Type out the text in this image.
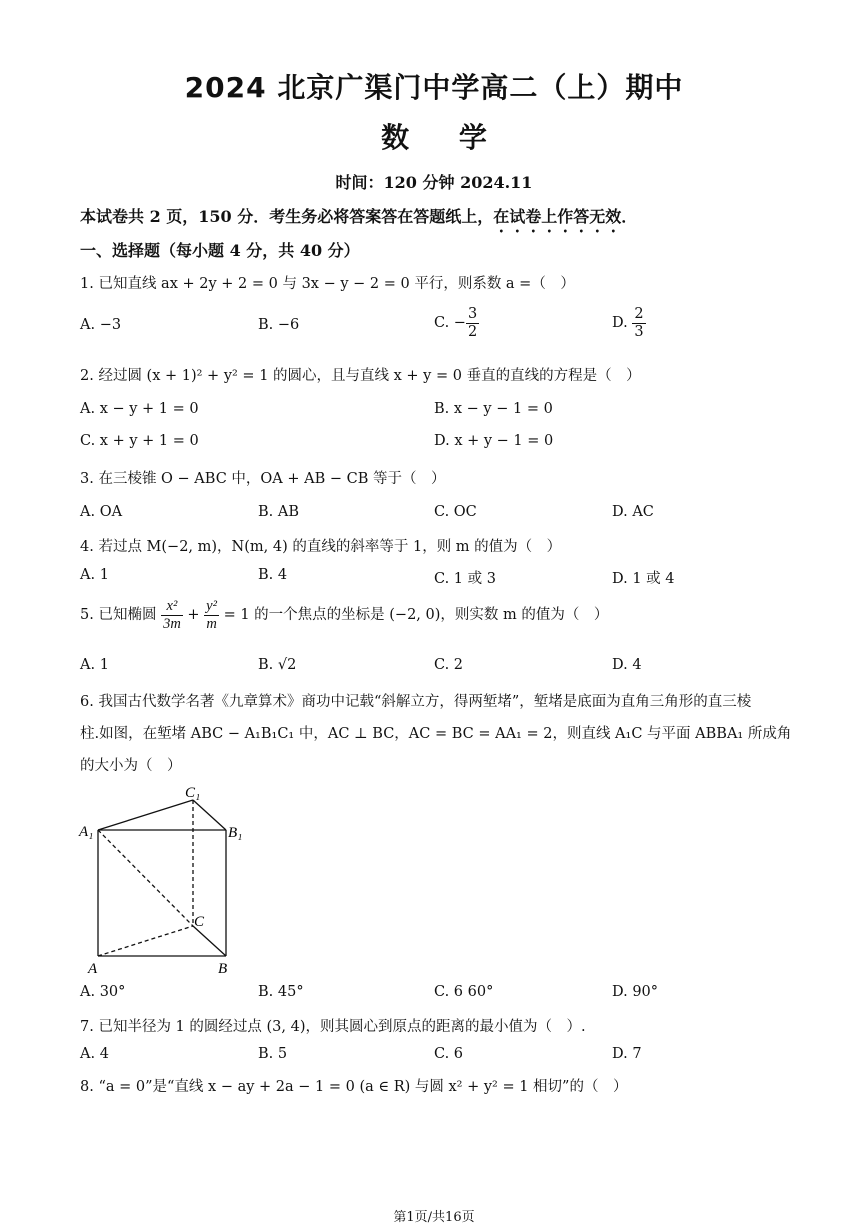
2024 北京广渠门中学高二（上）期中
数 学
时间：120 分钟 2024.11
本试卷共 2 页，150 分．考生务必将答案答在答题纸上，在试卷上作答无效．
一、选择题（每小题 4 分，共 40 分）
1. 已知直线 ax + 2y + 2 = 0 与 3x − y − 2 = 0 平行，则系数 a =（　）
A. −3	B. −6	C. − $\frac{3}{2}$	D. $\frac{2}{3}$
2. 经过圆 (x + 1)² + y² = 1 的圆心，且与直线 x + y = 0 垂直的直线的方程是（　）
A. x − y + 1 = 0	B. x − y − 1 = 0
C. x + y + 1 = 0	D. x + y − 1 = 0
3. 在三棱锥 O − ABC 中，OA + AB − CB 等于（　）
A. OA	B. AB	C. OC	D. AC
4. 若过点 M(−2, m)，N(m, 4) 的直线的斜率等于 1，则 m 的值为（　）
A. 1	B. 4	C. 1 或 3	D. 1 或 4
5. 已知椭圆 $\frac{\text{x²}}{3m} + \frac{\text{y²}}{m} = 1$ 的一个焦点的坐标是 (−2, 0)，则实数 m 的值为（　）
A. 1	B. √2	C. 2	D. 4
6. 我国古代数学名著《九章算术》商功中记载“斜解立方，得两堑堵”，堑堵是底面为直角三角形的直三棱
柱.如图，在堑堵 ABC − A₁B₁C₁ 中，AC ⊥ BC，AC = BC = AA₁ = 2，则直线 A₁C 与平面 ABBA₁ 所成角
的大小为（　）
C₁
A₁	B₁
C
A	B
A. 30°	B. 45°	C. 6 60°	D. 90°
7. 已知半径为 1 的圆经过点 (3, 4)，则其圆心到原点的距离的最小值为（　）.
A. 4	B. 5	C. 6	D. 7
8. “a = 0”是“直线 x − ay + 2a − 1 = 0 (a ∈ R) 与圆 x² + y² = 1 相切”的（　）
第1页/共16页
